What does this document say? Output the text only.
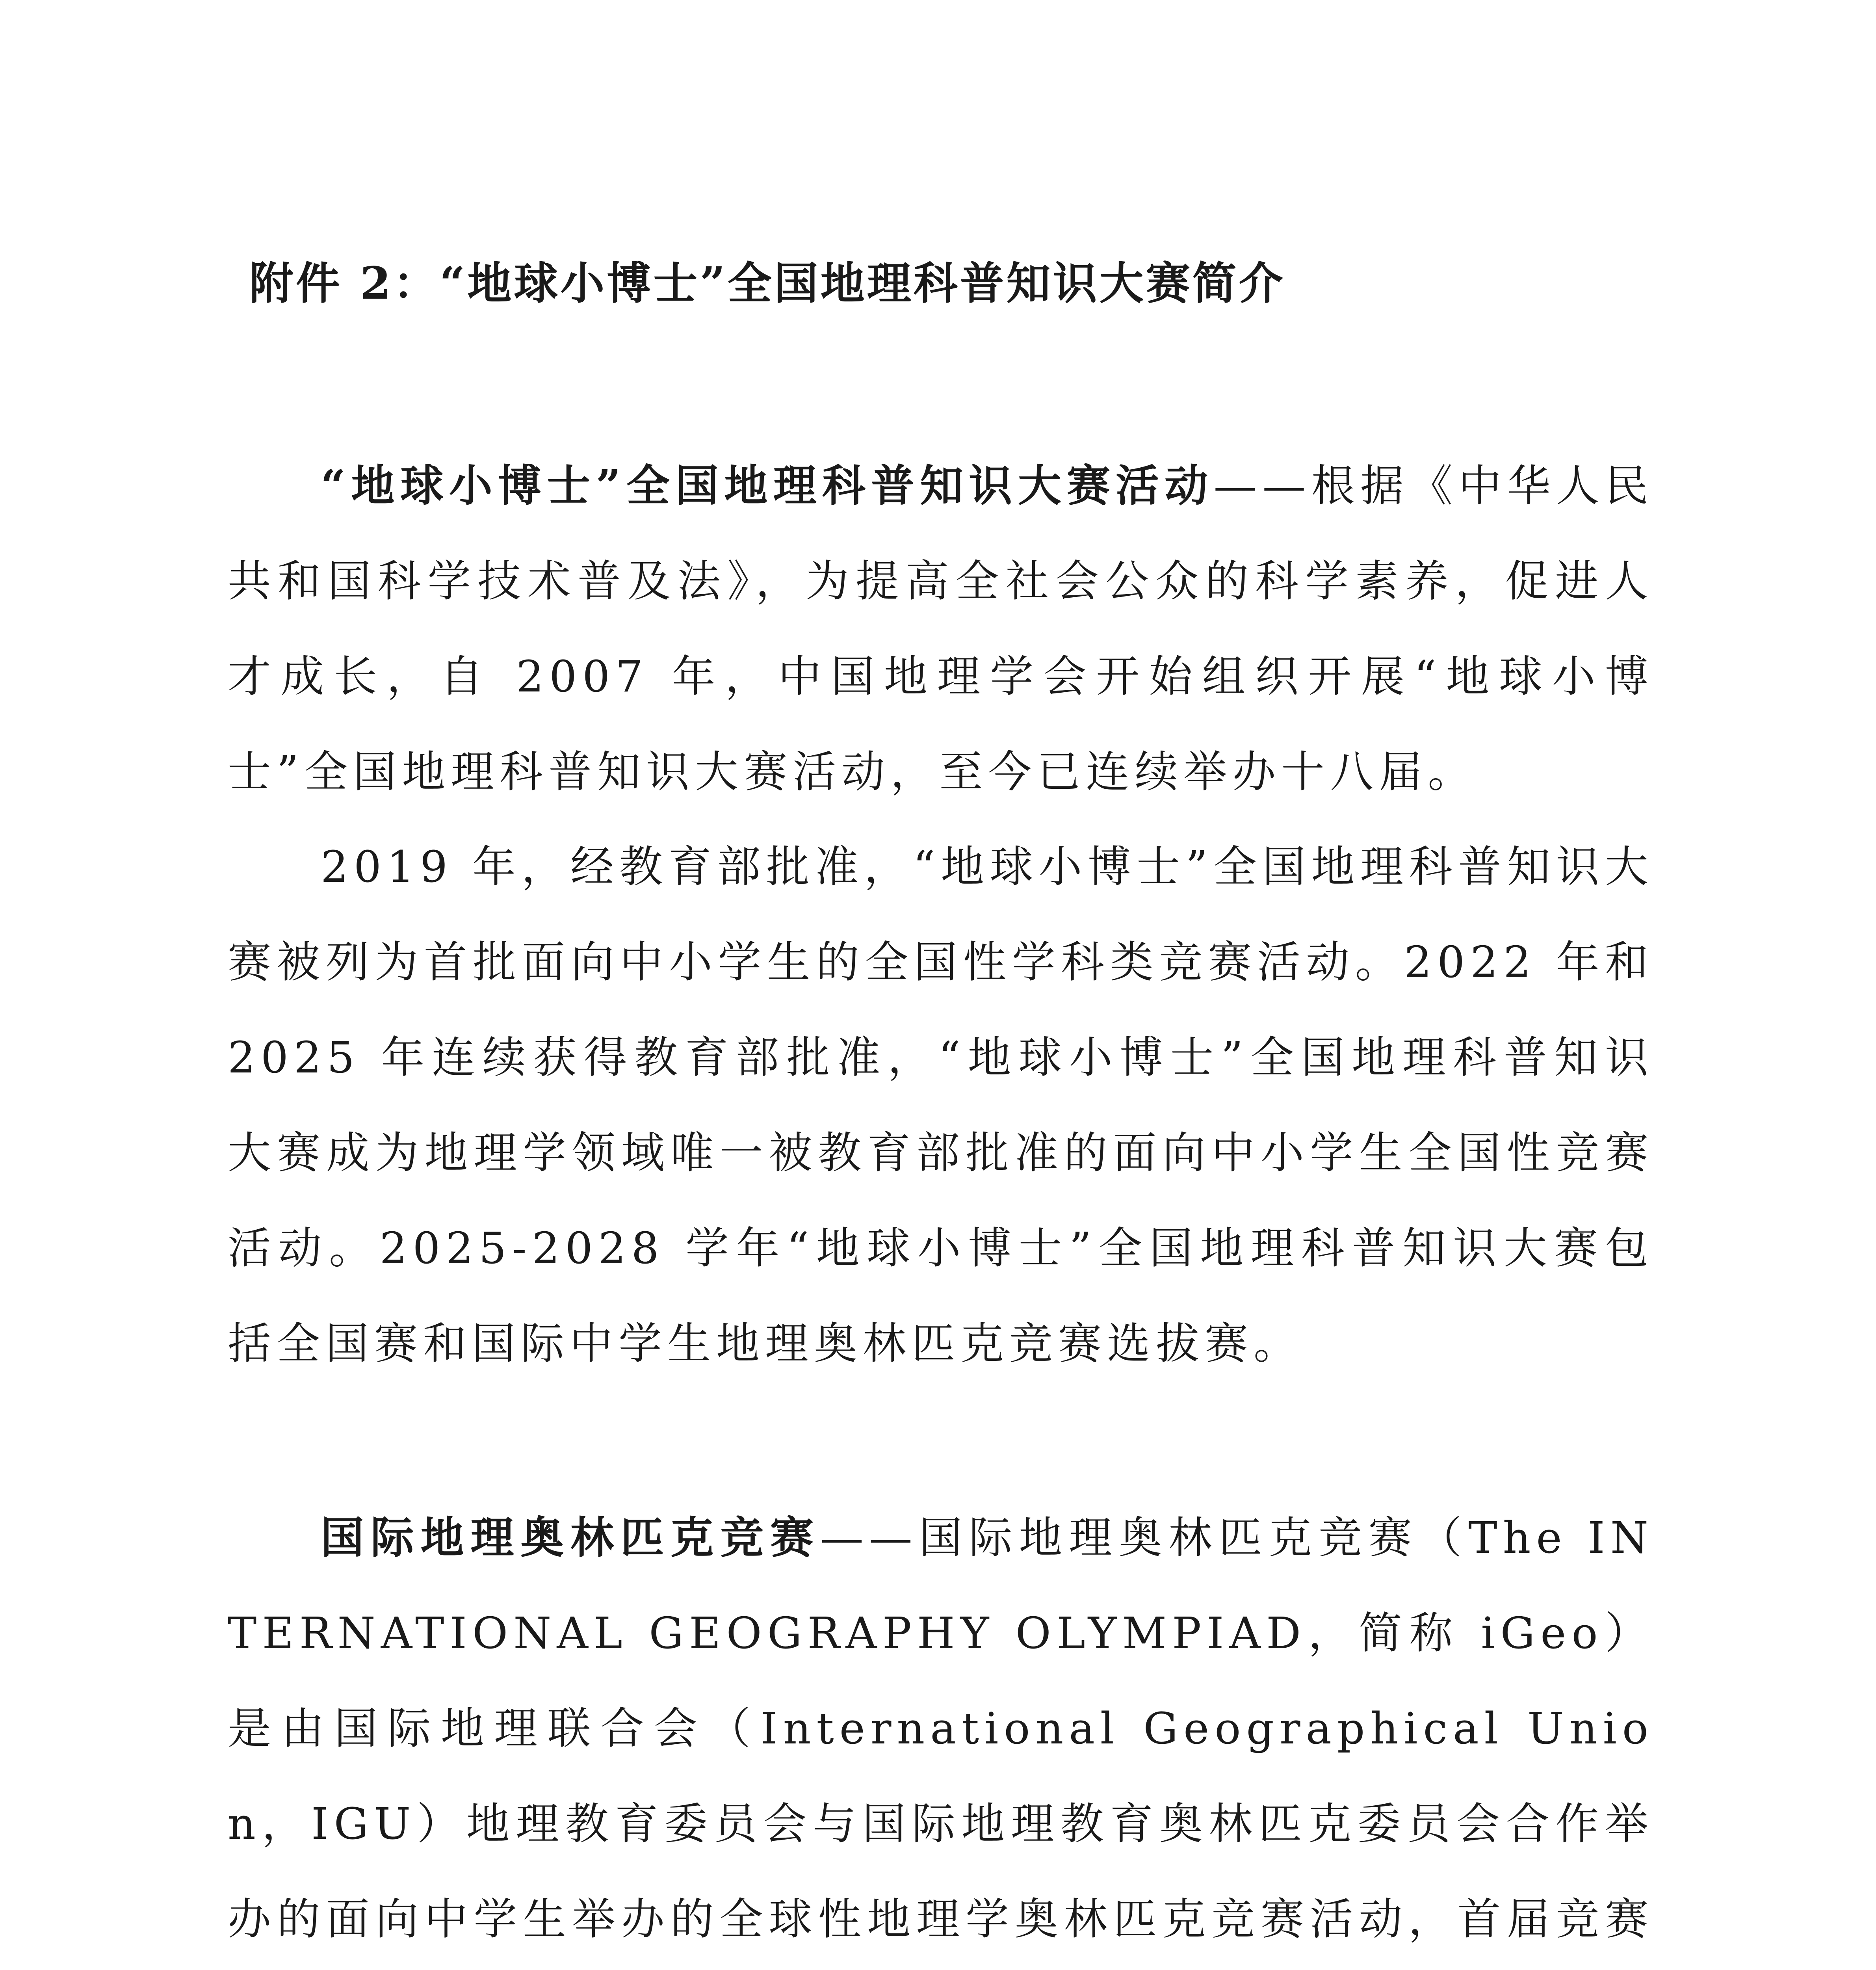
附件 2：“地球小博士”全国地理科普知识大赛简介

“地球小博士”全国地理科普知识大赛活动——根据《中华人民共和国科学技术普及法》，为提高全社会公众的科学素养，促进人才成长，自 2007 年，中国地理学会开始组织开展“地球小博士”全国地理科普知识大赛活动，至今已连续举办十八届。

2019 年，经教育部批准，“地球小博士”全国地理科普知识大赛被列为首批面向中小学生的全国性学科类竞赛活动。2022 年和 2025 年连续获得教育部批准，“地球小博士”全国地理科普知识大赛成为地理学领域唯一被教育部批准的面向中小学生全国性竞赛活动。2025-2028 学年“地球小博士”全国地理科普知识大赛包括全国赛和国际中学生地理奥林匹克竞赛选拔赛。

国际地理奥林匹克竞赛——国际地理奥林匹克竞赛（The INTERNATIONAL GEOGRAPHY OLYMPIAD，简称 iGeo）是由国际地理联合会（International Geographical Union，IGU）地理教育委员会与国际地理教育奥林匹克委员会合作举办的面向中学生举办的全球性地理学奥林匹克竞赛活动，首届竞赛
